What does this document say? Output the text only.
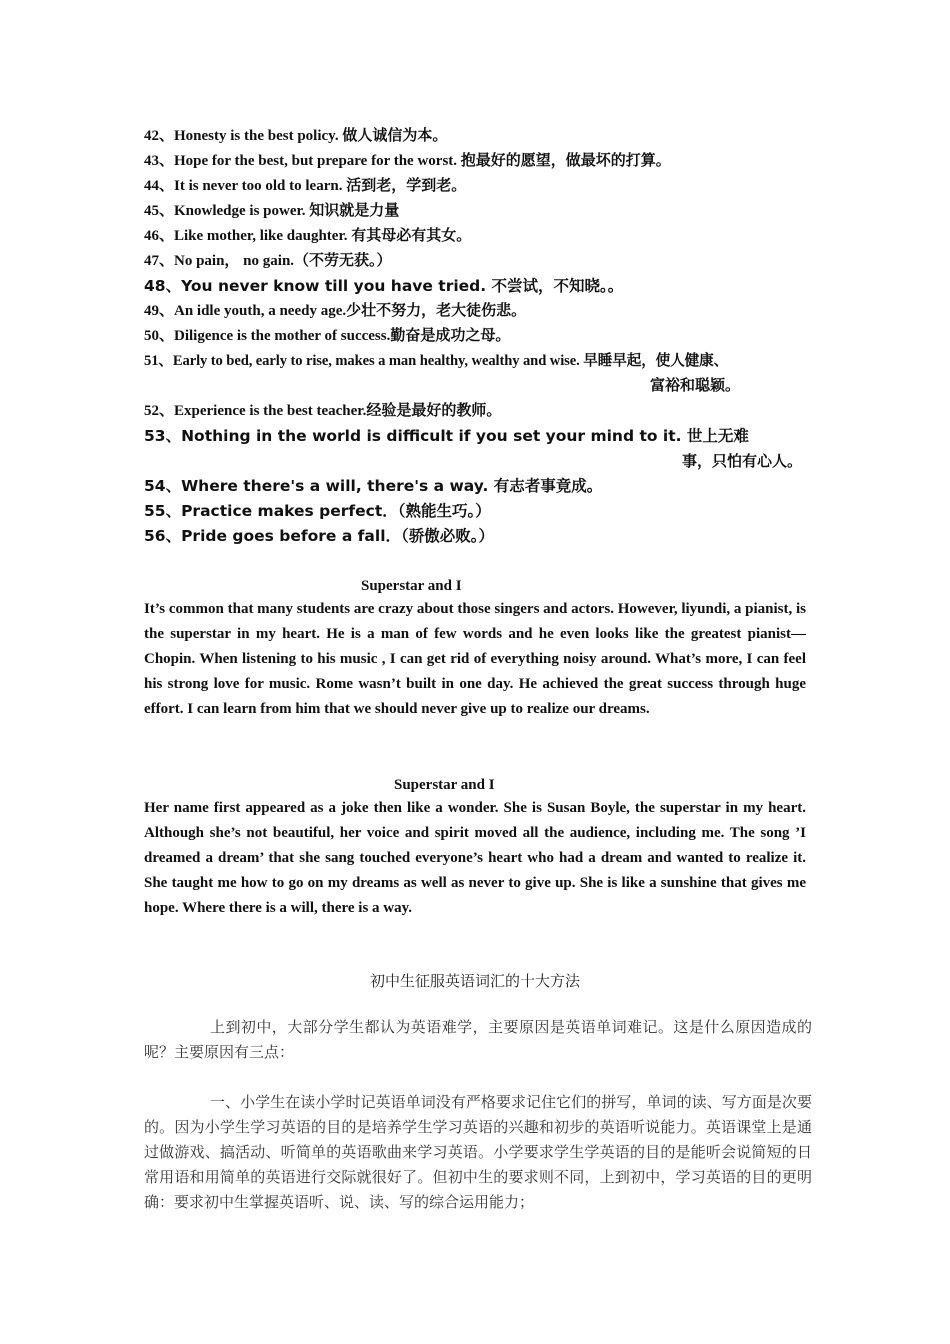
42、Honesty is the best policy. 做人诚信为本。
43、Hope for the best, but prepare for the worst. 抱最好的愿望，做最坏的打算。
44、It is never too old to learn. 活到老，学到老。
45、Knowledge is power. 知识就是力量
46、Like mother, like daughter. 有其母必有其女。
47、No pain， no gain.（不劳无获。）
48、You never know till you have tried. 不尝试，不知晓。。
49、An idle youth, a needy age.少壮不努力，老大徒伤悲。
50、Diligence is the mother of success.勤奋是成功之母。
51、Early to bed, early to rise, makes a man healthy, wealthy and wise. 早睡早起，使人健康、
富裕和聪颖。
52、Experience is the best teacher.经验是最好的教师。
53、Nothing in the world is difficult if you set your mind to it. 世上无难
事，只怕有心人。
54、Where there's a will, there's a way. 有志者事竟成。
55、Practice makes perfect．（熟能生巧。）
56、Pride goes before a fall．（骄傲必败。）
Superstar and I
It’s common that many students are crazy about those singers and actors. However, liyundi, a pianist, is the superstar in my heart. He is a man of few words and he even looks like the greatest pianist—Chopin. When listening to his music , I can get rid of everything noisy around. What’s more, I can feel his strong love for music. Rome wasn’t built in one day. He achieved the great success through huge effort. I can learn from him that we should never give up to realize our dreams.
Superstar and I
Her name first appeared as a joke then like a wonder. She is Susan Boyle, the superstar in my heart. Although she’s not beautiful, her voice and spirit moved all the audience, including me. The song ’I dreamed a dream’ that she sang touched everyone’s heart who had a dream and wanted to realize it. She taught me how to go on my dreams as well as never to give up. She is like a sunshine that gives me hope. Where there is a will, there is a way.
初中生征服英语词汇的十大方法
上到初中，大部分学生都认为英语难学，主要原因是英语单词难记。这是什么原因造成的呢？主要原因有三点：
一、小学生在读小学时记英语单词没有严格要求记住它们的拼写，单词的读、写方面是次要的。因为小学生学习英语的目的是培养学生学习英语的兴趣和初步的英语听说能力。英语课堂上是通过做游戏、搞活动、听简单的英语歌曲来学习英语。小学要求学生学英语的目的是能听会说简短的日常用语和用简单的英语进行交际就很好了。但初中生的要求则不同，上到初中，学习英语的目的更明确：要求初中生掌握英语听、说、读、写的综合运用能力；
